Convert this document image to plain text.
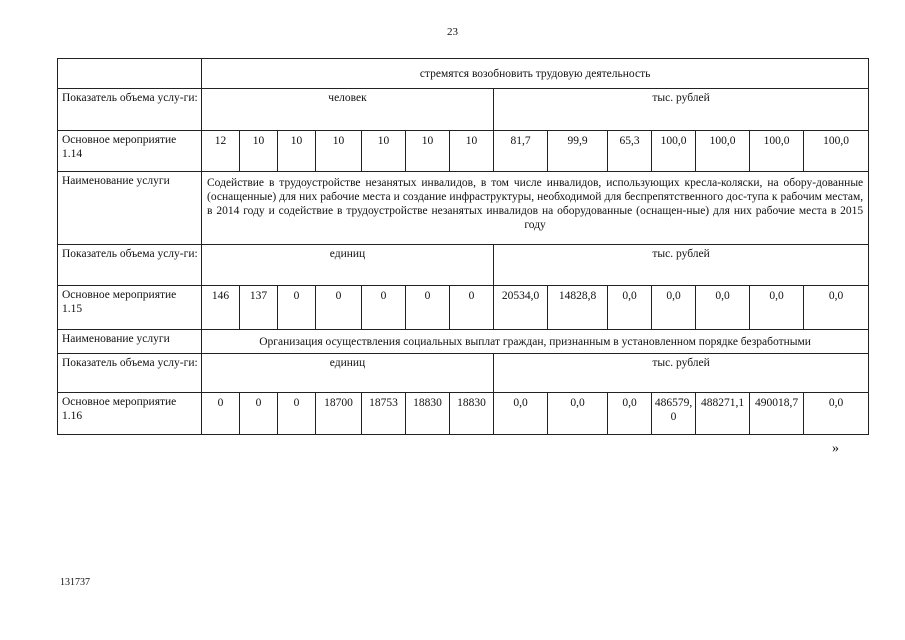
23
	стремятся возобновить трудовую деятельность													
Показатель объема услу-ги:	человек							тыс. рублей						
Основное мероприятие 1.14	12	10	10	10	10	10	10	81,7	99,9	65,3	100,0	100,0	100,0	100,0
Наименование услуги	Содействие в трудоустройстве незанятых инвалидов, в том числе инвалидов, использующих кресла-коляски, на обору-дованные (оснащенные) для них рабочие места и создание инфраструктуры, необходимой для беспрепятственного дос-тупа к рабочим местам, в 2014 году и содействие в трудоустройстве незанятых инвалидов на оборудованные (оснащен-ные) для них рабочие места в 2015 году													
Показатель объема услу-ги:	единиц							тыс. рублей						
Основное мероприятие 1.15	146	137	0	0	0	0	0	20534,0	14828,8	0,0	0,0	0,0	0,0	0,0
Наименование услуги	Организация осуществления социальных выплат граждан, признанным в установленном порядке безработными													
Показатель объема услу-ги:	единиц							тыс. рублей						
Основное мероприятие 1.16	0	0	0	18700	18753	18830	18830	0,0	0,0	0,0	486579,0	488271,1	490018,7	0,0
»
131737
